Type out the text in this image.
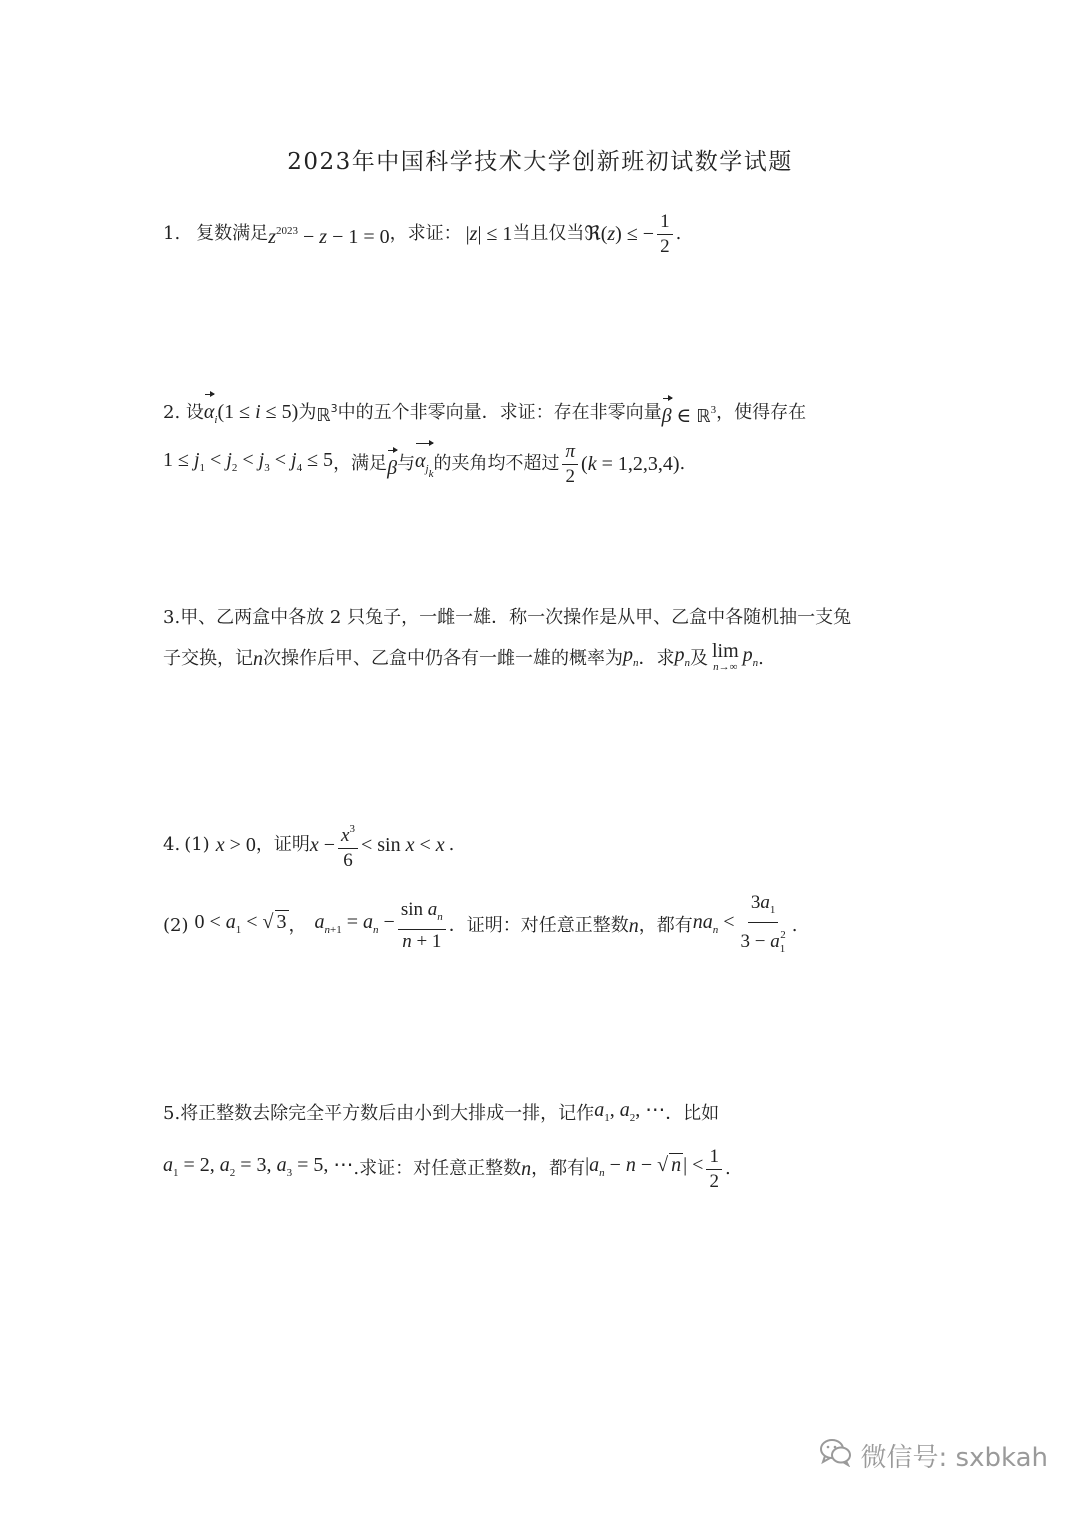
2023年中国科学技术大学创新班初试数学试题
1. 复数满足 $z^{2023} - z - 1 = 0$ ，求证： |z| ≤ 1 当且仅当 ℜ(z) ≤ − $\frac{1}{2}$ .
2. 设 $\alpha_i(1 \le i \le 5)$ 为 ℝ$^3$ 中的五个非零向量．求证：存在非零向量 β ∈ ℝ$^3$ ，使得存在
$1 \le j_1 < j_2 < j_3 < j_4 \le 5$ ，满足 β 与 $\alpha_{j_k}$ 的夹角均不超过 $\frac{\pi}{2} (k = 1,2,3,4)$ .
3. 甲、乙两盒中各放 2 只兔子，一雌一雄．称一次操作是从甲、乙盒中各随机抽一支兔
子交换，记 n 次操作后甲、乙盒中仍各有一雌一雄的概率为 $p_n$ ．求 $p_n$ 及 lim
n→∞
$p_n$ .
4. (1) x > 0 ，证明 $x - \frac{x^3}{6} < \sin x < x$ .
(2) $0 < a_1$ < √ 3 ， $a_{n+1} = a_n - \frac{\sin a_n}{n + 1}$ ．证明：对任意正整数 n ，都有 $na_n < \frac{3a_1}{3 - a_1^2}$ .
5. 将正整数去除完全平方数后由小到大排成一排，记作 $a_1$, $a_2$, ⋯ ．比如
$a_1 = 2$, $a_2 = 3$, $a_3 = 5$, ⋯ .求证：对任意正整数 n ，都有 $|a_n - n$ − √ n | < $\frac{1}{2}$ .
微信号: sxbkah
